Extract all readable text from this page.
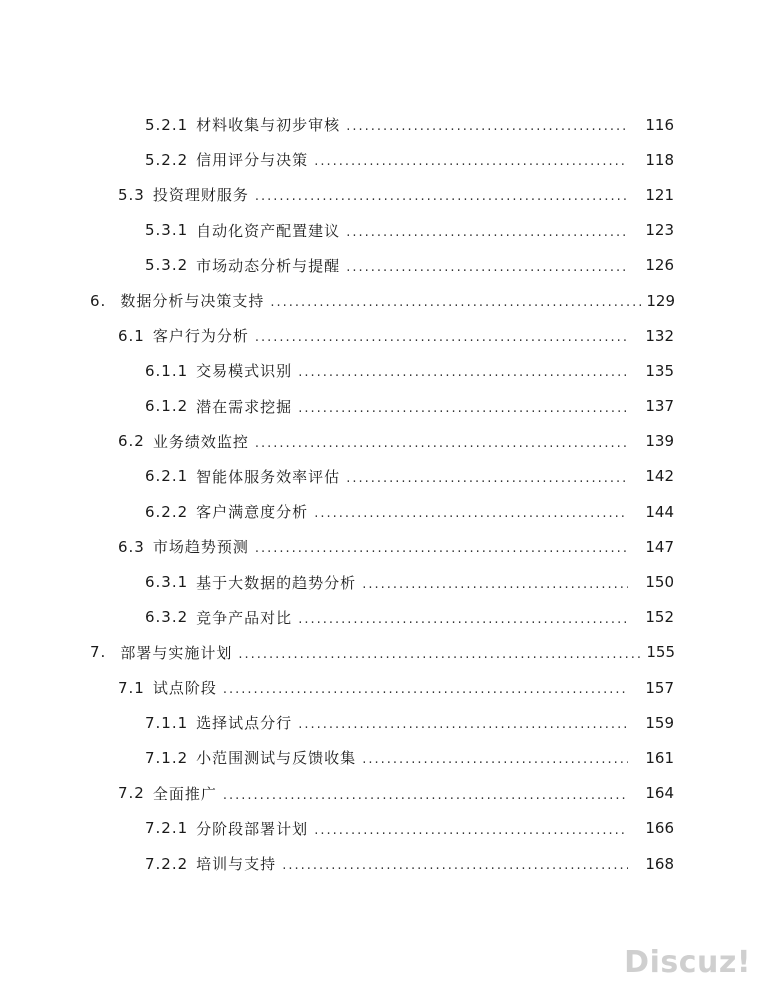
5.2.1 材料收集与初步审核 .....	116
5.2.2 信用评分与决策 .....	118
5.3 投资理财服务 .....	121
5.3.1 自动化资产配置建议 .....	123
5.3.2 市场动态分析与提醒 .....	126
6. 数据分析与决策支持 .....	129
6.1 客户行为分析 .....	132
6.1.1 交易模式识别 .....	135
6.1.2 潜在需求挖掘 .....	137
6.2 业务绩效监控 .....	139
6.2.1 智能体服务效率评估 .....	142
6.2.2 客户满意度分析 .....	144
6.3 市场趋势预测 .....	147
6.3.1 基于大数据的趋势分析 .....	150
6.3.2 竞争产品对比 .....	152
7. 部署与实施计划 .....	155
7.1 试点阶段 .....	157
7.1.1 选择试点分行 .....	159
7.1.2 小范围测试与反馈收集 .....	161
7.2 全面推广 .....	164
7.2.1 分阶段部署计划 .....	166
7.2.2 培训与支持 .....	168
Discuz!
